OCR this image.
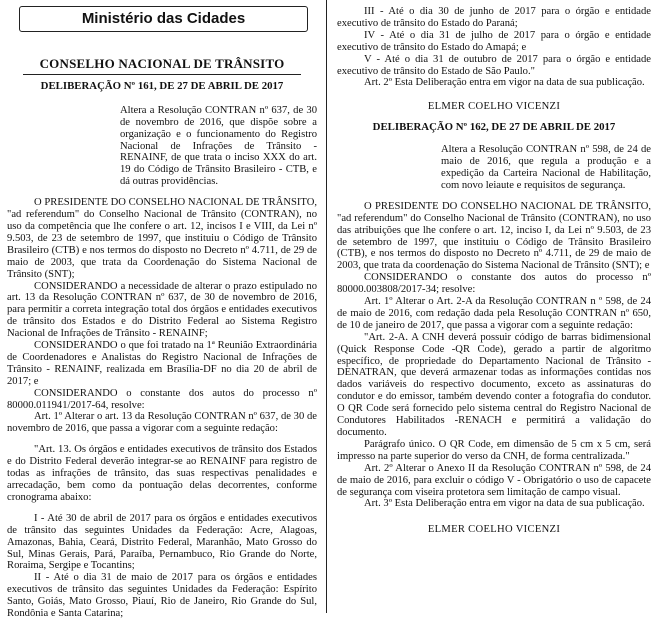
Ministério das Cidades
CONSELHO NACIONAL DE TRÂNSITO
DELIBERAÇÃO Nº 161, DE 27 DE ABRIL DE 2017

Altera a Resolução CONTRAN nº 637, de 30 de novembro de 2016, que dispõe sobre a organização e o funcionamento do Registro Nacional de Infrações de Trânsito - RENAINF, de que trata o inciso XXX do art. 19 do Código de Trânsito Brasileiro - CTB, e dá outras providências.

O PRESIDENTE DO CONSELHO NACIONAL DE TRÂNSITO, "ad referendum" do Conselho Nacional de Trânsito (CONTRAN), no uso da competência que lhe confere o art. 12, incisos I e VIII, da Lei nº 9.503, de 23 de setembro de 1997, que instituiu o Código de Trânsito Brasileiro (CTB) e nos termos do disposto no Decreto nº 4.711, de 29 de maio de 2003, que trata da Coordenação do Sistema Nacional de Trânsito (SNT);

CONSIDERANDO a necessidade de alterar o prazo estipulado no art. 13 da Resolução CONTRAN nº 637, de 30 de novembro de 2016, para permitir a correta integração total dos órgãos e entidades executivos de trânsito dos Estados e do Distrito Federal ao Sistema Registro Nacional de Infrações de Trânsito - RENAINF;

CONSIDERANDO o que foi tratado na 1ª Reunião Extraordinária de Coordenadores e Analistas do Registro Nacional de Infrações de Trânsito - RENAINF, realizada em Brasília-DF no dia 20 de abril de 2017; e

CONSIDERANDO o constante dos autos do processo nº 80000.011941/2017-64, resolve:

Art. 1º Alterar o art. 13 da Resolução CONTRAN nº 637, de 30 de novembro de 2016, que passa a vigorar com a seguinte redação:

"Art. 13. Os órgãos e entidades executivos de trânsito dos Estados e do Distrito Federal deverão integrar-se ao RENAINF para registro de todas as infrações de trânsito, das suas respectivas penalidades e arrecadação, bem como da pontuação delas decorrentes, conforme cronograma abaixo:

I - Até 30 de abril de 2017 para os órgãos e entidades executivos de trânsito das seguintes Unidades da Federação: Acre, Alagoas, Amazonas, Bahia, Ceará, Distrito Federal, Maranhão, Mato Grosso do Sul, Minas Gerais, Pará, Paraíba, Pernambuco, Rio Grande do Norte, Roraima, Sergipe e Tocantins;

II - Até o dia 31 de maio de 2017 para os órgãos e entidades executivos de trânsito das seguintes Unidades da Federação: Espírito Santo, Goiás, Mato Grosso, Piauí, Rio de Janeiro, Rio Grande do Sul, Rondônia e Santa Catarina;

III - Até o dia 30 de junho de 2017 para o órgão e entidade executivo de trânsito do Estado do Paraná;

IV - Até o dia 31 de julho de 2017 para o órgão e entidade executivo de trânsito do Estado do Amapá; e

V - Até o dia 31 de outubro de 2017 para o órgão e entidade executivo de trânsito do Estado de São Paulo."

Art. 2º Esta Deliberação entra em vigor na data de sua publicação.

ELMER COELHO VICENZI
DELIBERAÇÃO Nº 162, DE 27 DE ABRIL DE 2017

Altera a Resolução CONTRAN nº 598, de 24 de maio de 2016, que regula a produção e a expedição da Carteira Nacional de Habilitação, com novo leiaute e requisitos de segurança.

O PRESIDENTE DO CONSELHO NACIONAL DE TRÂNSITO, "ad referendum" do Conselho Nacional de Trânsito (CONTRAN), no uso das atribuições que lhe confere o art. 12, inciso I, da Lei nº 9.503, de 23 de setembro de 1997, que instituiu o Código de Trânsito Brasileiro (CTB), e nos termos do disposto no Decreto nº 4.711, de 29 de maio de 2003, que trata da coordenação do Sistema Nacional de Trânsito (SNT); e

CONSIDERANDO o constante dos autos do processo nº 80000.003808/2017-34; resolve:

Art. 1º Alterar o Art. 2-A da Resolução CONTRAN n º 598, de 24 de maio de 2016, com redação dada pela Resolução CONTRAN nº 650, de 10 de janeiro de 2017, que passa a vigorar com a seguinte redação:

"Art. 2-A. A CNH deverá possuir código de barras bidimensional (Quick Response Code -QR Code), gerado a partir de algoritmo específico, de propriedade do Departamento Nacional de Trânsito -DENATRAN, que deverá armazenar todas as informações contidas nos dados variáveis do respectivo documento, exceto as assinaturas do condutor e do emissor, também devendo conter a fotografia do condutor. O QR Code será fornecido pelo sistema central do Registro Nacional de Condutores Habilitados -RENACH e permitirá a validação do documento.

Parágrafo único. O QR Code, em dimensão de 5 cm x 5 cm, será impresso na parte superior do verso da CNH, de forma centralizada."

Art. 2º Alterar o Anexo II da Resolução CONTRAN nº 598, de 24 de maio de 2016, para excluir o código V - Obrigatório o uso de capacete de segurança com viseira protetora sem limitação de campo visual.

Art. 3º Esta Deliberação entra em vigor na data de sua publicação.

ELMER COELHO VICENZI
